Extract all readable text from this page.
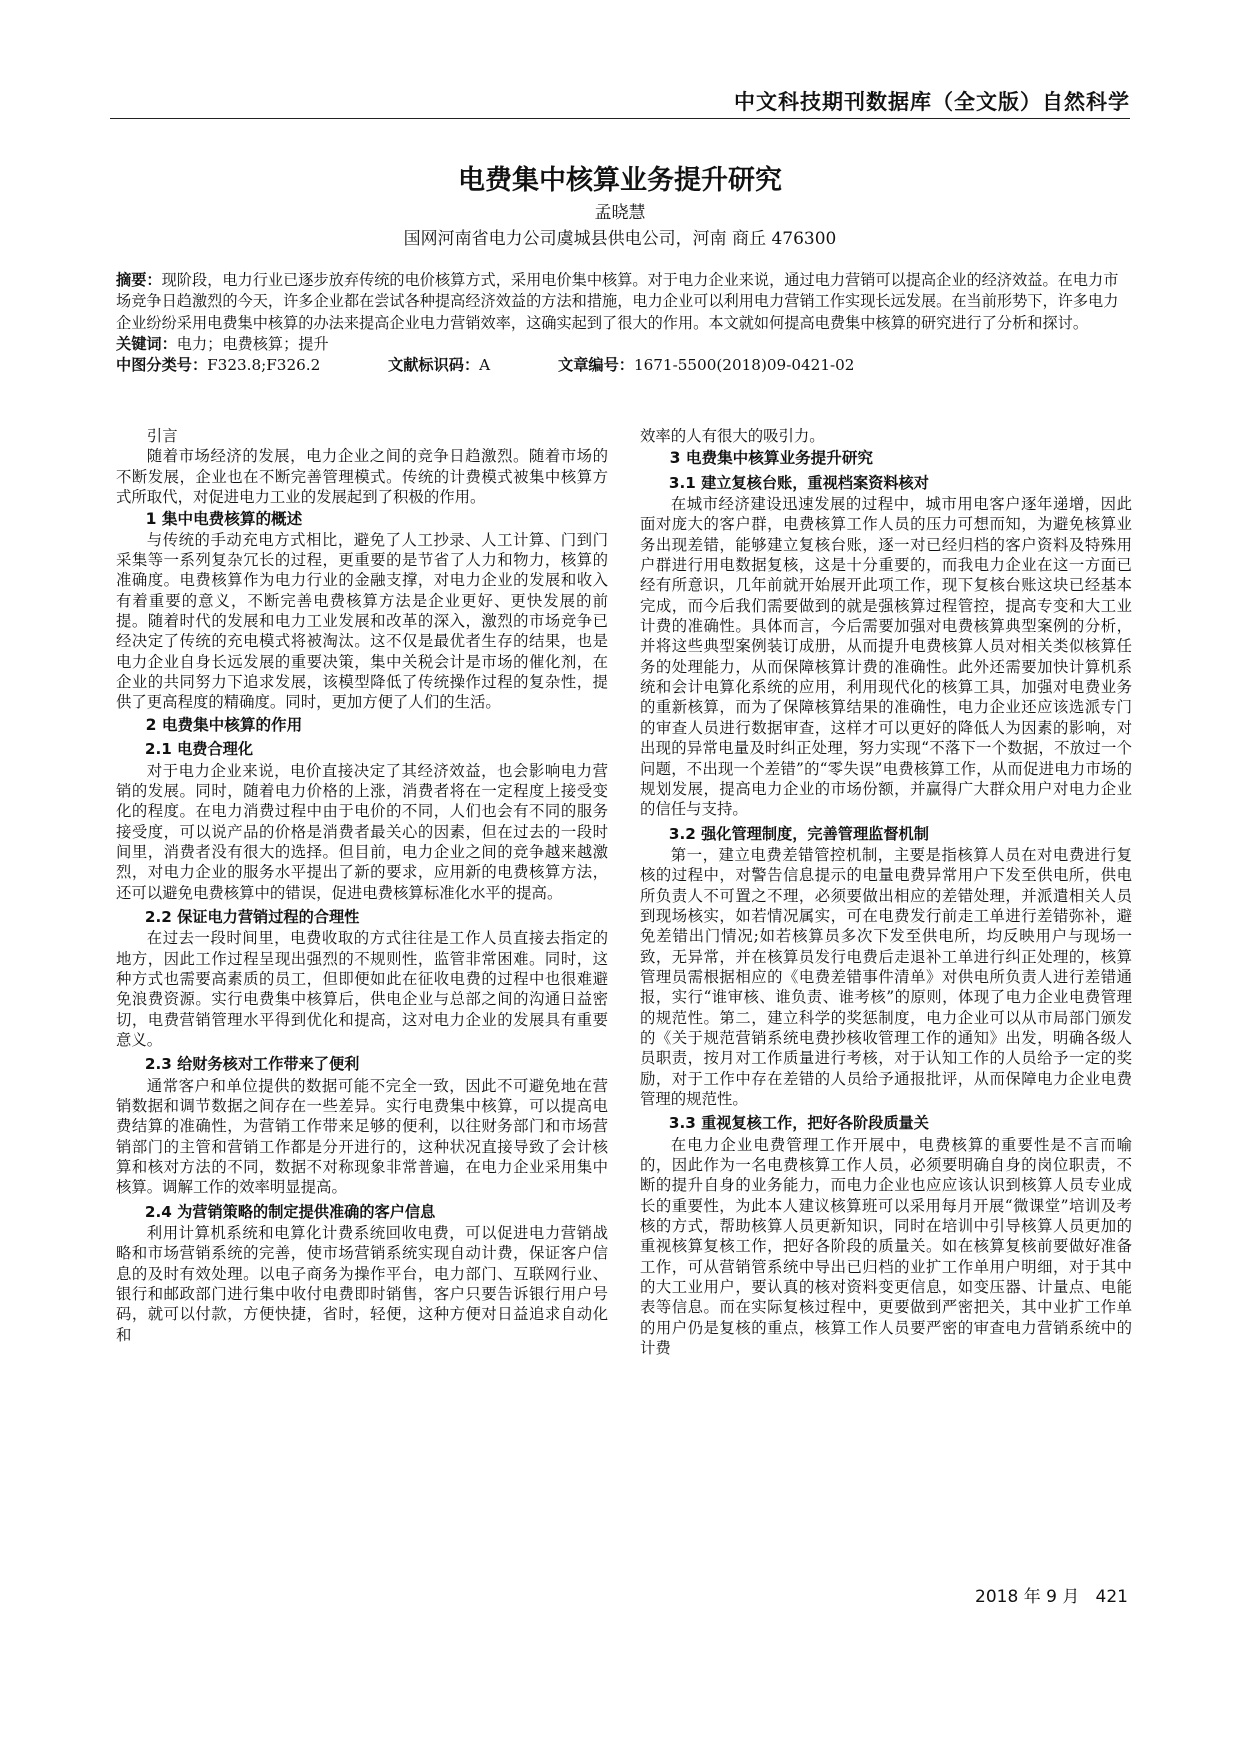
中文科技期刊数据库（全文版）自然科学
电费集中核算业务提升研究
孟晓慧
国网河南省电力公司虞城县供电公司，河南 商丘 476300

摘要：现阶段，电力行业已逐步放弃传统的电价核算方式，采用电价集中核算。对于电力企业来说，通过电力营销可以提高企业的经济效益。在电力市场竞争日趋激烈的今天，许多企业都在尝试各种提高经济效益的方法和措施，电力企业可以利用电力营销工作实现长远发展。在当前形势下，许多电力企业纷纷采用电费集中核算的办法来提高企业电力营销效率，这确实起到了很大的作用。本文就如何提高电费集中核算的研究进行了分析和探讨。

关键词：电力；电费核算；提升

中图分类号：F323.8;F326.2	文献标识码：A	文章编号：1671-5500(2018)09-0421-02

引言

随着市场经济的发展，电力企业之间的竞争日趋激烈。随着市场的不断发展，企业也在不断完善管理模式。传统的计费模式被集中核算方式所取代，对促进电力工业的发展起到了积极的作用。

1 集中电费核算的概述

与传统的手动充电方式相比，避免了人工抄录、人工计算、门到门采集等一系列复杂冗长的过程，更重要的是节省了人力和物力，核算的准确度。电费核算作为电力行业的金融支撑，对电力企业的发展和收入有着重要的意义，不断完善电费核算方法是企业更好、更快发展的前提。随着时代的发展和电力工业发展和改革的深入，激烈的市场竞争已经决定了传统的充电模式将被淘汰。这不仅是最优者生存的结果，也是电力企业自身长远发展的重要决策，集中关税会计是市场的催化剂，在企业的共同努力下追求发展，该模型降低了传统操作过程的复杂性，提供了更高程度的精确度。同时，更加方便了人们的生活。

2 电费集中核算的作用
2.1 电费合理化

对于电力企业来说，电价直接决定了其经济效益，也会影响电力营销的发展。同时，随着电力价格的上涨，消费者将在一定程度上接受变化的程度。在电力消费过程中由于电价的不同，人们也会有不同的服务接受度，可以说产品的价格是消费者最关心的因素，但在过去的一段时间里，消费者没有很大的选择。但目前，电力企业之间的竞争越来越激烈，对电力企业的服务水平提出了新的要求，应用新的电费核算方法，还可以避免电费核算中的错误，促进电费核算标准化水平的提高。

2.2 保证电力营销过程的合理性

在过去一段时间里，电费收取的方式往往是工作人员直接去指定的地方，因此工作过程呈现出强烈的不规则性，监管非常困难。同时，这种方式也需要高素质的员工，但即便如此在征收电费的过程中也很难避免浪费资源。实行电费集中核算后，供电企业与总部之间的沟通日益密切，电费营销管理水平得到优化和提高，这对电力企业的发展具有重要意义。

2.3 给财务核对工作带来了便利

通常客户和单位提供的数据可能不完全一致，因此不可避免地在营销数据和调节数据之间存在一些差异。实行电费集中核算，可以提高电费结算的准确性，为营销工作带来足够的便利，以往财务部门和市场营销部门的主管和营销工作都是分开进行的，这种状况直接导致了会计核算和核对方法的不同，数据不对称现象非常普遍，在电力企业采用集中核算。调解工作的效率明显提高。

2.4 为营销策略的制定提供准确的客户信息

利用计算机系统和电算化计费系统回收电费，可以促进电力营销战略和市场营销系统的完善，使市场营销系统实现自动计费，保证客户信息的及时有效处理。以电子商务为操作平台，电力部门、互联网行业、银行和邮政部门进行集中收付电费即时销售，客户只要告诉银行用户号码，就可以付款，方便快捷，省时，轻便，这种方便对日益追求自动化和

效率的人有很大的吸引力。

3 电费集中核算业务提升研究
3.1 建立复核台账，重视档案资料核对

在城市经济建设迅速发展的过程中，城市用电客户逐年递增，因此面对庞大的客户群，电费核算工作人员的压力可想而知，为避免核算业务出现差错，能够建立复核台账，逐一对已经归档的客户资料及特殊用户群进行用电数据复核，这是十分重要的，而我电力企业在这一方面已经有所意识，几年前就开始展开此项工作，现下复核台账这块已经基本完成，而今后我们需要做到的就是强核算过程管控，提高专变和大工业计费的准确性。具体而言，今后需要加强对电费核算典型案例的分析，并将这些典型案例装订成册，从而提升电费核算人员对相关类似核算任务的处理能力，从而保障核算计费的准确性。此外还需要加快计算机系统和会计电算化系统的应用，利用现代化的核算工具，加强对电费业务的重新核算，而为了保障核算结果的准确性，电力企业还应该选派专门的审查人员进行数据审查，这样才可以更好的降低人为因素的影响，对出现的异常电量及时纠正处理，努力实现“不落下一个数据，不放过一个问题，不出现一个差错”的“零失误”电费核算工作，从而促进电力市场的规划发展，提高电力企业的市场份额，并赢得广大群众用户对电力企业的信任与支持。

3.2 强化管理制度，完善管理监督机制

第一，建立电费差错管控机制，主要是指核算人员在对电费进行复核的过程中，对警告信息提示的电量电费异常用户下发至供电所，供电所负责人不可置之不理，必须要做出相应的差错处理，并派遣相关人员到现场核实，如若情况属实，可在电费发行前走工单进行差错弥补，避免差错出门情况;如若核算员多次下发至供电所，均反映用户与现场一致，无异常，并在核算员发行电费后走退补工单进行纠正处理的，核算管理员需根据相应的《电费差错事件清单》对供电所负责人进行差错通报，实行“谁审核、谁负责、谁考核”的原则，体现了电力企业电费管理的规范性。第二，建立科学的奖惩制度，电力企业可以从市局部门颁发的《关于规范营销系统电费抄核收管理工作的通知》出发，明确各级人员职责，按月对工作质量进行考核，对于认知工作的人员给予一定的奖励，对于工作中存在差错的人员给予通报批评，从而保障电力企业电费管理的规范性。

3.3 重视复核工作，把好各阶段质量关

在电力企业电费管理工作开展中，电费核算的重要性是不言而喻的，因此作为一名电费核算工作人员，必须要明确自身的岗位职责，不断的提升自身的业务能力，而电力企业也应应该认识到核算人员专业成长的重要性，为此本人建议核算班可以采用每月开展“微课堂”培训及考核的方式，帮助核算人员更新知识，同时在培训中引导核算人员更加的重视核算复核工作，把好各阶段的质量关。如在核算复核前要做好准备工作，可从营销管系统中导出已归档的业扩工作单用户明细，对于其中的大工业用户，要认真的核对资料变更信息，如变压器、计量点、电能表等信息。而在实际复核过程中，更要做到严密把关，其中业扩工作单的用户仍是复核的重点，核算工作人员要严密的审查电力营销系统中的计费

2018 年 9 月 421
